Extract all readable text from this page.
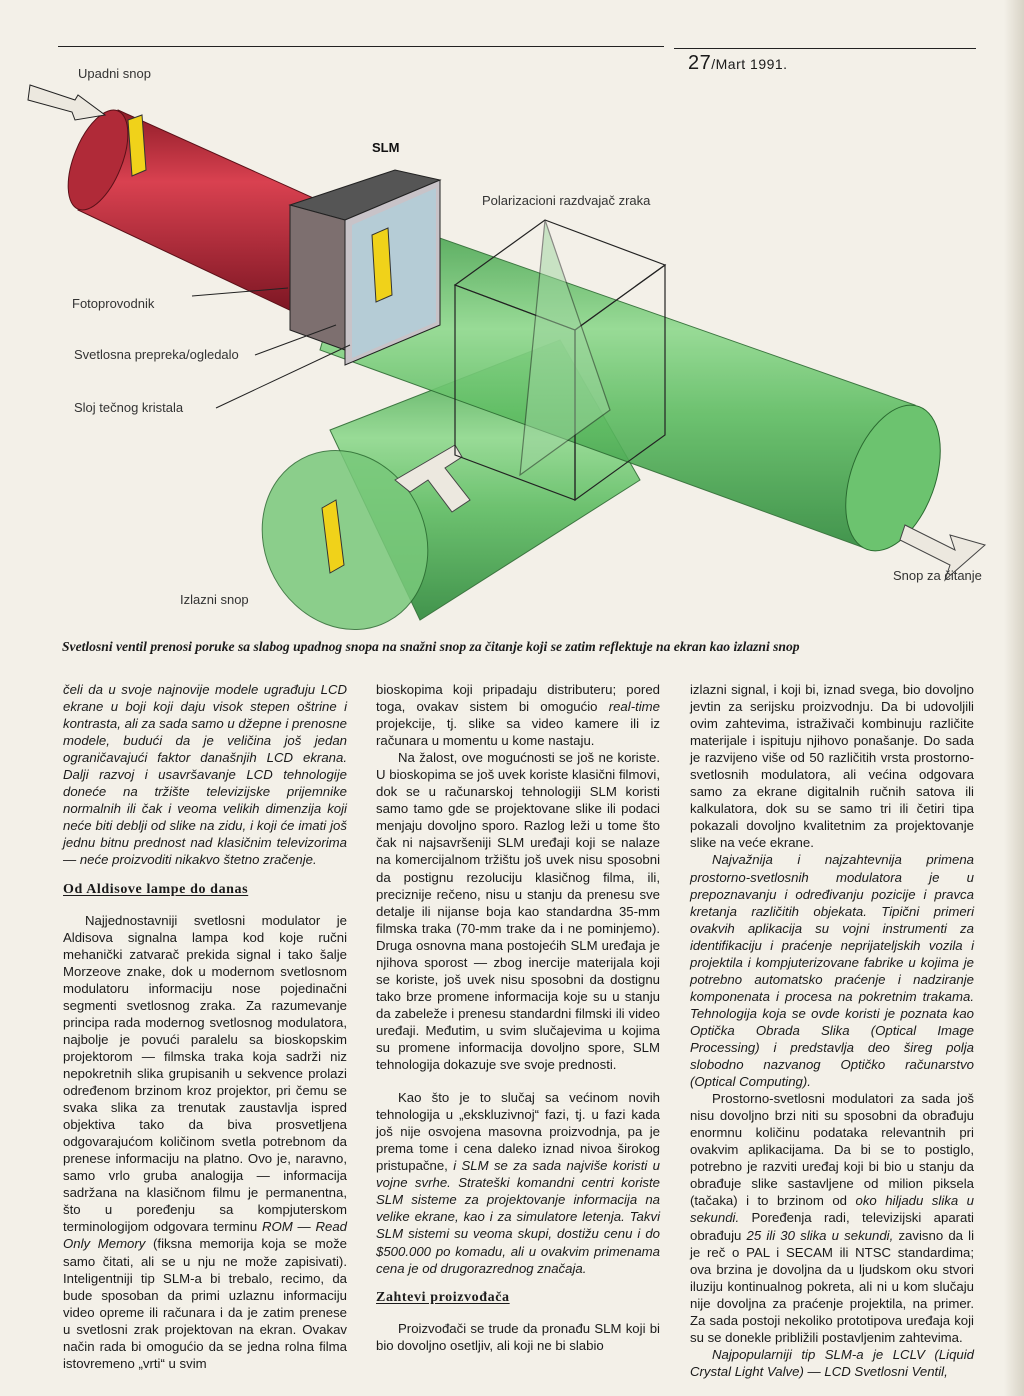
27/Mart 1991.
Upadni snop
SLM
Polarizacioni razdvajač zraka
Fotoprovodnik
Svetlosna prepreka/ogledalo
Sloj tečnog kristala
Izlazni snop
Snop za čitanje
Svetlosni ventil prenosi poruke sa slabog upadnog snopa na snažni snop za čitanje koji se zatim reflektuje na ekran kao izlazni snop

čeli da u svoje najnovije modele ugrađuju LCD ekrane u boji koji daju visok stepen oštrine i kontrasta, ali za sada samo u džepne i prenosne modele, budući da je veličina još jedan ograničavajući faktor današnjih LCD ekrana. Dalji razvoj i usavršavanje LCD tehnologije doneće na tržište televizijske prijemnike normalnih ili čak i veoma velikih dimenzija koji neće biti deblji od slike na zidu, i koji će imati još jednu bitnu prednost nad klasičnim televizorima — neće proizvoditi nikakvo štetno zračenje.

Od Aldisove lampe do danas

Najjednostavniji svetlosni modulator je Aldisova signalna lampa kod koje ručni mehanički zatvarač prekida signal i tako šalje Morzeove znake, dok u modernom svetlosnom modulatoru informaciju nose pojedinačni segmenti svetlosnog zraka. Za razumevanje principa rada modernog svetlosnog modulatora, najbolje je povući paralelu sa bioskopskim projektorom — filmska traka koja sadrži niz nepokretnih slika grupisanih u sekvence prolazi određenom brzinom kroz projektor, pri čemu se svaka slika za trenutak zaustavlja ispred objektiva tako da biva prosvetljena odgovarajućom količinom svetla potrebnom da prenese informaciju na platno. Ovo je, naravno, samo vrlo gruba analogija — informacija sadržana na klasičnom filmu je permanentna, što u poređenju sa kompjuterskom terminologijom odgovara terminu ROM — Read Only Memory (fiksna memorija koja se može samo čitati, ali se u nju ne može zapisivati). Inteligentniji tip SLM-a bi trebalo, recimo, da bude sposoban da primi uzlaznu informaciju video opreme ili računara i da je zatim prenese u svetlosni zrak projektovan na ekran. Ovakav način rada bi omogućio da se jedna rolna filma istovremeno „vrti“ u svim

bioskopima koji pripadaju distributeru; pored toga, ovakav sistem bi omogućio real-time projekcije, tj. slike sa video kamere ili iz računara u momentu u kome nastaju.

Na žalost, ove mogućnosti se još ne koriste. U bioskopima se još uvek koriste klasični filmovi, dok se u računarskoj tehnologiji SLM koristi samo tamo gde se projektovane slike ili podaci menjaju dovoljno sporo. Razlog leži u tome što čak ni najsavršeniji SLM uređaji koji se nalaze na komercijalnom tržištu još uvek nisu sposobni da postignu rezoluciju klasičnog filma, ili, preciznije rečeno, nisu u stanju da prenesu sve detalje ili nijanse boja kao standardna 35-mm filmska traka (70-mm trake da i ne pominjemo). Druga osnovna mana postojećih SLM uređaja je njihova sporost — zbog inercije materijala koji se koriste, još uvek nisu sposobni da dostignu tako brze promene informacija koje su u stanju da zabeleže i prenesu standardni filmski ili video uređaji. Međutim, u svim slučajevima u kojima su promene informacija dovoljno spore, SLM tehnologija dokazuje sve svoje prednosti.

Kao što je to slučaj sa većinom novih tehnologija u „ekskluzivnoj“ fazi, tj. u fazi kada još nije osvojena masovna proizvodnja, pa je prema tome i cena daleko iznad nivoa širokog pristupačne, i SLM se za sada najviše koristi u vojne svrhe. Strateški komandni centri koriste SLM sisteme za projektovanje informacija na velike ekrane, kao i za simulatore letenja. Takvi SLM sistemi su veoma skupi, dostižu cenu i do $500.000 po komadu, ali u ovakvim primenama cena je od drugorazrednog značaja.

Zahtevi proizvođača

Proizvođači se trude da pronađu SLM koji bi bio dovoljno osetljiv, ali koji ne bi slabio

izlazni signal, i koji bi, iznad svega, bio dovoljno jevtin za serijsku proizvodnju. Da bi udovoljili ovim zahtevima, istraživači kombinuju različite materijale i ispituju njihovo ponašanje. Do sada je razvijeno više od 50 različitih vrsta prostorno-svetlosnih modulatora, ali većina odgovara samo za ekrane digitalnih ručnih satova ili kalkulatora, dok su se samo tri ili četiri tipa pokazali dovoljno kvalitetnim za projektovanje slike na veće ekrane.

Najvažnija i najzahtevnija primena prostorno-svetlosnih modulatora je u prepoznavanju i određivanju pozicije i pravca kretanja različitih objekata. Tipični primeri ovakvih aplikacija su vojni instrumenti za identifikaciju i praćenje neprijateljskih vozila i projektila i kompjuterizovane fabrike u kojima je potrebno automatsko praćenje i nadziranje komponenata i procesa na pokretnim trakama. Tehnologija koja se ovde koristi je poznata kao Optička Obrada Slika (Optical Image Processing) i predstavlja deo šireg polja slobodno nazvanog Optičko računarstvo (Optical Computing).

Prostorno-svetlosni modulatori za sada još nisu dovoljno brzi niti su sposobni da obrađuju enormnu količinu podataka relevantnih pri ovakvim aplikacijama. Da bi se to postiglo, potrebno je razviti uređaj koji bi bio u stanju da obrađuje slike sastavljene od milion piksela (tačaka) i to brzinom od oko hiljadu slika u sekundi. Poređenja radi, televizijski aparati obrađuju 25 ili 30 slika u sekundi, zavisno da li je reč o PAL i SECAM ili NTSC standardima; ova brzina je dovoljna da u ljudskom oku stvori iluziju kontinualnog pokreta, ali ni u kom slučaju nije dovoljna za praćenje projektila, na primer. Za sada postoji nekoliko prototipova uređaja koji su se donekle približili postavljenim zahtevima.

Najpopularniji tip SLM-a je LCLV (Liquid Crystal Light Valve) — LCD Svetlosni Ventil,
